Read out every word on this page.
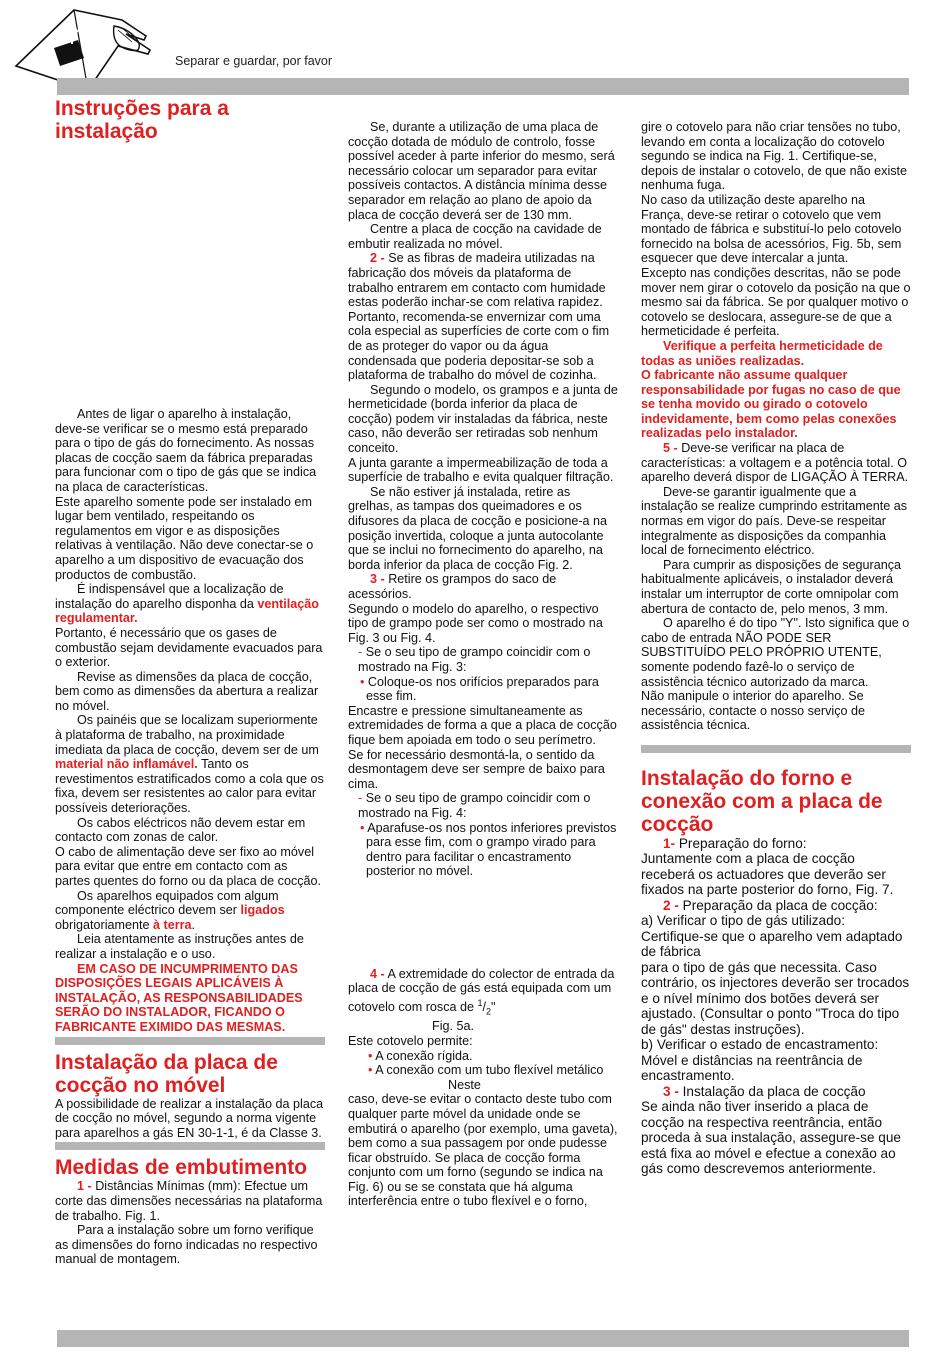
Separar e guardar, por favor
Instruções para a instalação

Antes de ligar o aparelho à instalação, deve-se verificar se o mesmo está preparado para o tipo de gás do fornecimento. As nossas placas de cocção saem da fábrica preparadas para funcionar com o tipo de gás que se indica na placa de características.

Este aparelho somente pode ser instalado em lugar bem ventilado, respeitando os regulamentos em vigor e as disposições relativas à ventilação. Não deve conectar-se o aparelho a um dispositivo de evacuação dos productos de combustão.

É indispensável que a localização de instalação do aparelho disponha da ventilação regulamentar.

Portanto, é necessário que os gases de combustão sejam devidamente evacuados para o exterior.

Revise as dimensões da placa de cocção, bem como as dimensões da abertura a realizar no móvel.

Os painéis que se localizam superiormente à plataforma de trabalho, na proximidade imediata da placa de cocção, devem ser de um material não inflamável. Tanto os revestimentos estratificados como a cola que os fixa, devem ser resistentes ao calor para evitar possíveis deteriorações.

Os cabos eléctricos não devem estar em contacto com zonas de calor.

O cabo de alimentação deve ser fixo ao móvel para evitar que entre em contacto com as partes quentes do forno ou da placa de cocção.

Os aparelhos equipados com algum componente eléctrico devem ser ligados obrigatoriamente à terra.

Leia atentamente as instruções antes de realizar a instalação e o uso.

EM CASO DE INCUMPRIMENTO DAS DISPOSIÇÕES LEGAIS APLICÁVEIS À INSTALAÇÃO, AS RESPONSABILIDADES SERÃO DO INSTALADOR, FICANDO O FABRICANTE EXIMIDO DAS MESMAS.

Instalação da placa de cocção no móvel

A possibilidade de realizar a instalação da placa de cocção no móvel, segundo a norma vigente para aparelhos a gás EN 30-1-1, é da Classe 3.

Medidas de embutimento

1 - Distâncias Mínimas (mm): Efectue um corte das dimensões necessárias na plataforma de trabalho. Fig. 1.

Para a instalação sobre um forno verifique as dimensões do forno indicadas no respectivo manual de montagem.

Se, durante a utilização de uma placa de cocção dotada de módulo de controlo, fosse possível aceder à parte inferior do mesmo, será necessário colocar um separador para evitar possíveis contactos. A distância mínima desse separador em relação ao plano de apoio da placa de cocção deverá ser de 130 mm.

Centre a placa de cocção na cavidade de embutir realizada no móvel.

2 - Se as fibras de madeira utilizadas na fabricação dos móveis da plataforma de trabalho entrarem em contacto com humidade estas poderão inchar-se com relativa rapidez. Portanto, recomenda-se envernizar com uma cola especial as superfícies de corte com o fim de as proteger do vapor ou da água condensada que poderia depositar-se sob a plataforma de trabalho do móvel de cozinha.

Segundo o modelo, os grampos e a junta de hermeticidade (borda inferior da placa de cocção) podem vir instaladas da fábrica, neste caso, não deverão ser retiradas sob nenhum conceito.

A junta garante a impermeabilização de toda a superfície de trabalho e evita qualquer filtração.

Se não estiver já instalada, retire as grelhas, as tampas dos queimadores e os difusores da placa de cocção e posicione-a na posição invertida, coloque a junta autocolante que se inclui no fornecimento do aparelho, na borda inferior da placa de cocção Fig. 2.

3 - Retire os grampos do saco de acessórios.

Segundo o modelo do aparelho, o respectivo tipo de grampo pode ser como o mostrado na Fig. 3 ou Fig. 4.

- Se o seu tipo de grampo coincidir com o mostrado na Fig. 3:

• Coloque-os nos orifícios preparados para esse fim.

Encastre e pressione simultaneamente as extremidades de forma a que a placa de cocção fique bem apoiada em todo o seu perímetro.

Se for necessário desmontá-la, o sentido da desmontagem deve ser sempre de baixo para cima.

- Se o seu tipo de grampo coincidir com o mostrado na Fig. 4:

• Aparafuse-os nos pontos inferiores previstos para esse fim, com o grampo virado para dentro para facilitar o encastramento posterior no móvel.

4 - A extremidade do colector de entrada da placa de cocção de gás está equipada com um cotovelo com rosca de $^1/_2$"

Fig. 5a.

Este cotovelo permite:

• A conexão rígida.

• A conexão com um tubo flexível metálico Neste

caso, deve-se evitar o contacto deste tubo com qualquer parte móvel da unidade onde se embutirá o aparelho (por exemplo, uma gaveta), bem como a sua passagem por onde pudesse ficar obstruído. Se placa de cocção forma conjunto com um forno (segundo se indica na Fig. 6) ou se se constata que há alguma interferência entre o tubo flexível e o forno,

gire o cotovelo para não criar tensões no tubo, levando em conta a localização do cotovelo segundo se indica na Fig. 1. Certifique-se, depois de instalar o cotovelo, de que não existe nenhuma fuga.

No caso da utilização deste aparelho na França, deve-se retirar o cotovelo que vem montado de fábrica e substituí-lo pelo cotovelo fornecido na bolsa de acessórios, Fig. 5b, sem esquecer que deve intercalar a junta.

Excepto nas condições descritas, não se pode mover nem girar o cotovelo da posição na que o mesmo sai da fábrica. Se por qualquer motivo o cotovelo se deslocara, assegure-se de que a hermeticidade é perfeita.

Verifique a perfeita hermeticidade de todas as uniões realizadas.

O fabricante não assume qualquer responsabilidade por fugas no caso de que se tenha movido ou girado o cotovelo indevidamente, bem como pelas conexões realizadas pelo instalador.

5 - Deve-se verificar na placa de características: a voltagem e a potência total. O aparelho deverá dispor de LIGAÇÃO À TERRA.

Deve-se garantir igualmente que a instalação se realize cumprindo estritamente as normas em vigor do país. Deve-se respeitar integralmente as disposições da companhia local de fornecimento eléctrico.

Para cumprir as disposições de segurança habitualmente aplicáveis, o instalador deverá instalar um interruptor de corte omnipolar com abertura de contacto de, pelo menos, 3 mm.

O aparelho é do tipo "Y". Isto significa que o cabo de entrada NÃO PODE SER SUBSTITUÍDO PELO PRÓPRIO UTENTE, somente podendo fazê-lo o serviço de assistência técnico autorizado da marca.

Não manipule o interior do aparelho. Se necessário, contacte o nosso serviço de assistência técnica.

Instalação do forno e conexão com a placa de cocção

1- Preparação do forno:

Juntamente com a placa de cocção receberá os actuadores que deverão ser fixados na parte posterior do forno, Fig. 7.

2 - Preparação da placa de cocção:

a) Verificar o tipo de gás utilizado: Certifique-se que o aparelho vem adaptado de fábrica

para o tipo de gás que necessita. Caso contrário, os injectores deverão ser trocados e o nível mínimo dos botões deverá ser ajustado. (Consultar o ponto "Troca do tipo de gás" destas instruções).

b) Verificar o estado de encastramento: Móvel e distâncias na reentrância de encastramento.

3 - Instalação da placa de cocção

Se ainda não tiver inserido a placa de cocção na respectiva reentrância, então proceda à sua instalação, assegure-se que está fixa ao móvel e efectue a conexão ao gás como descrevemos anteriormente.
